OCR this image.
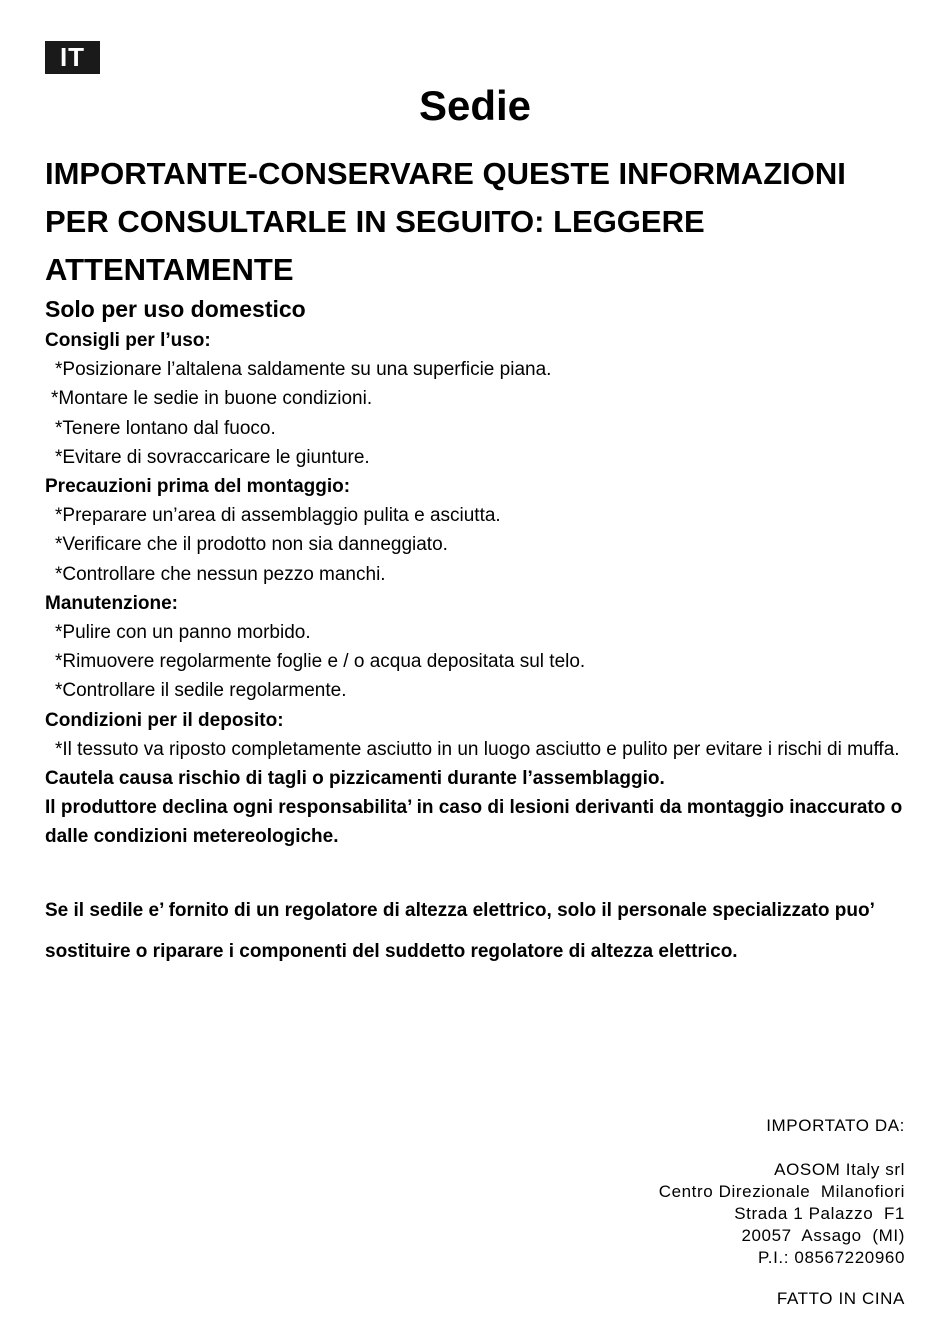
IT
Sedie
IMPORTANTE-CONSERVARE QUESTE INFORMAZIONI PER CONSULTARLE IN SEGUITO: LEGGERE ATTENTAMENTE
Solo per uso domestico
Consigli per l’uso:
*Posizionare l’altalena saldamente su una superficie piana.
*Montare le sedie in buone condizioni.
*Tenere lontano dal fuoco.
*Evitare di sovraccaricare le giunture.
Precauzioni prima del montaggio:
*Preparare un’area di assemblaggio pulita e asciutta.
*Verificare che il prodotto non sia danneggiato.
*Controllare che nessun pezzo manchi.
Manutenzione:
*Pulire con un panno morbido.
*Rimuovere regolarmente foglie e / o acqua depositata sul telo.
*Controllare il sedile regolarmente.
Condizioni per il deposito:
*Il tessuto va riposto completamente asciutto in un luogo asciutto e pulito per evitare i rischi di muffa.
Cautela causa rischio di tagli o pizzicamenti durante l’assemblaggio.
Il produttore declina ogni responsabilita’ in caso di lesioni derivanti da montaggio inaccurato o dalle condizioni metereologiche.
Se il sedile e’ fornito di un regolatore di altezza elettrico, solo il personale specializzato puo’ sostituire o riparare i componenti del suddetto regolatore di altezza elettrico.
IMPORTATO DA:
AOSOM Italy srl
Centro Direzionale  Milanofiori
Strada 1 Palazzo  F1
20057  Assago  (MI)
P.I.: 08567220960
FATTO IN CINA
